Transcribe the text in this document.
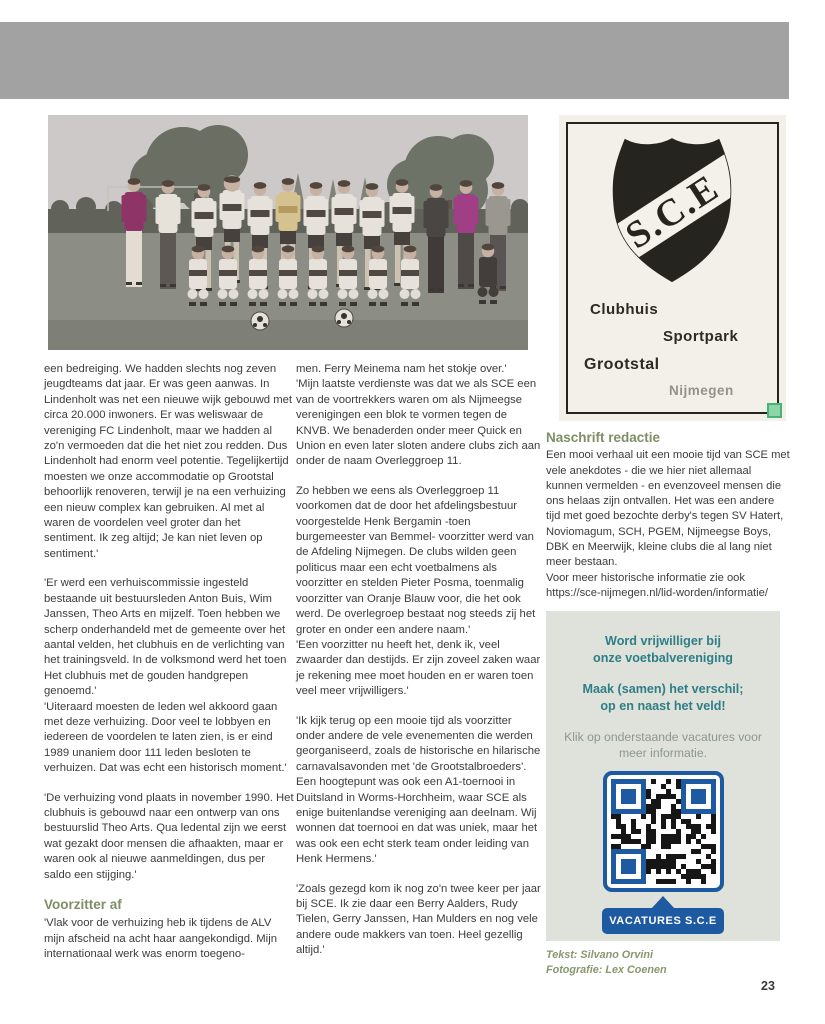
S.C.E
Clubhuis
Sportpark
Grootstal
Nijmegen

een bedreiging. We hadden slechts nog zeven jeugdteams dat jaar. Er was geen aanwas. In Lindenholt was net een nieuwe wijk gebouwd met circa 20.000 inwoners. Er was weliswaar de vereniging FC Lindenholt, maar we hadden al zo'n vermoeden dat die het niet zou redden. Dus Lindenholt had enorm veel potentie. Tegelijkertijd moesten we onze accommodatie op Grootstal behoorlijk renoveren, terwijl je na een verhuizing een nieuw complex kan gebruiken. Al met al waren de voordelen veel groter dan het sentiment. Ik zeg altijd; Je kan niet leven op sentiment.'

'Er werd een verhuiscommissie ingesteld bestaande uit bestuursleden Anton Buis, Wim Janssen, Theo Arts en mijzelf. Toen hebben we scherp onderhandeld met de gemeente over het aantal velden, het clubhuis en de verlichting van het trainingsveld. In de volksmond werd het toen Het clubhuis met de gouden handgrepen genoemd.'

'Uiteraard moesten de leden wel akkoord gaan met deze verhuizing. Door veel te lobbyen en iedereen de voordelen te laten zien, is er eind 1989 unaniem door 111 leden besloten te verhuizen. Dat was echt een historisch moment.'

'De verhuizing vond plaats in november 1990. Het clubhuis is gebouwd naar een ontwerp van ons bestuurslid Theo Arts. Qua ledental zijn we eerst wat gezakt door mensen die afhaakten, maar er waren ook al nieuwe aanmeldingen, dus per saldo een stijging.'

Voorzitter af

'Vlak voor de verhuizing heb ik tijdens de ALV mijn afscheid na acht haar aangekondigd. Mijn internationaal werk was enorm toegeno-

men. Ferry Meinema nam het stokje over.'

'Mijn laatste verdienste was dat we als SCE een van de voortrekkers waren om als Nijmeegse verenigingen een blok te vormen tegen de KNVB. We benaderden onder meer Quick en Union en even later sloten andere clubs zich aan onder de naam Overleggroep 11.

Zo hebben we eens als Overleggroep 11 voorkomen dat de door het afdelingsbestuur voorgestelde Henk Bergamin -toen burgemeester van Bemmel- voorzitter werd van de Afdeling Nijmegen. De clubs wilden geen politicus maar een echt voetbalmens als voorzitter en stelden Pieter Posma, toenmalig voorzitter van Oranje Blauw voor, die het ook werd. De overlegroep bestaat nog steeds zij het groter en onder een andere naam.'

'Een voorzitter nu heeft het, denk ik, veel zwaarder dan destijds. Er zijn zoveel zaken waar je rekening mee moet houden en er waren toen veel meer vrijwilligers.'

'Ik kijk terug op een mooie tijd als voorzitter onder andere de vele evenementen die werden georganiseerd, zoals de historische en hilarische carnavalsavonden met 'de Grootstalbroeders'. Een hoogtepunt was ook een A1-toernooi in Duitsland in Worms-Horchheim, waar SCE als enige buitenlandse vereniging aan deelnam. Wij wonnen dat toernooi en dat was uniek, maar het was ook een echt sterk team onder leiding van Henk Hermens.'

'Zoals gezegd kom ik nog zo'n twee keer per jaar bij SCE. Ik zie daar een Berry Aalders, Rudy Tielen, Gerry Janssen, Han Mulders en nog vele andere oude makkers van toen. Heel gezellig altijd.'

Naschrift redactie

Een mooi verhaal uit een mooie tijd van SCE met vele anekdotes - die we hier niet allemaal kunnen vermelden - en evenzoveel mensen die ons helaas zijn ontvallen. Het was een andere tijd met goed bezochte derby's tegen SV Hatert, Noviomagum, SCH, PGEM, Nijmeegse Boys, DBK en Meerwijk, kleine clubs die al lang niet meer bestaan.

Voor meer historische informatie zie ook https://sce-nijmegen.nl/lid-worden/informatie/

Word vrijwilliger bij
onze voetbalvereniging
Maak (samen) het verschil;
op en naast het veld!
Klik op onderstaande vacatures voor
meer informatie.
VACATURES S.C.E
Tekst: Silvano Orvini
Fotografie: Lex Coenen
23
